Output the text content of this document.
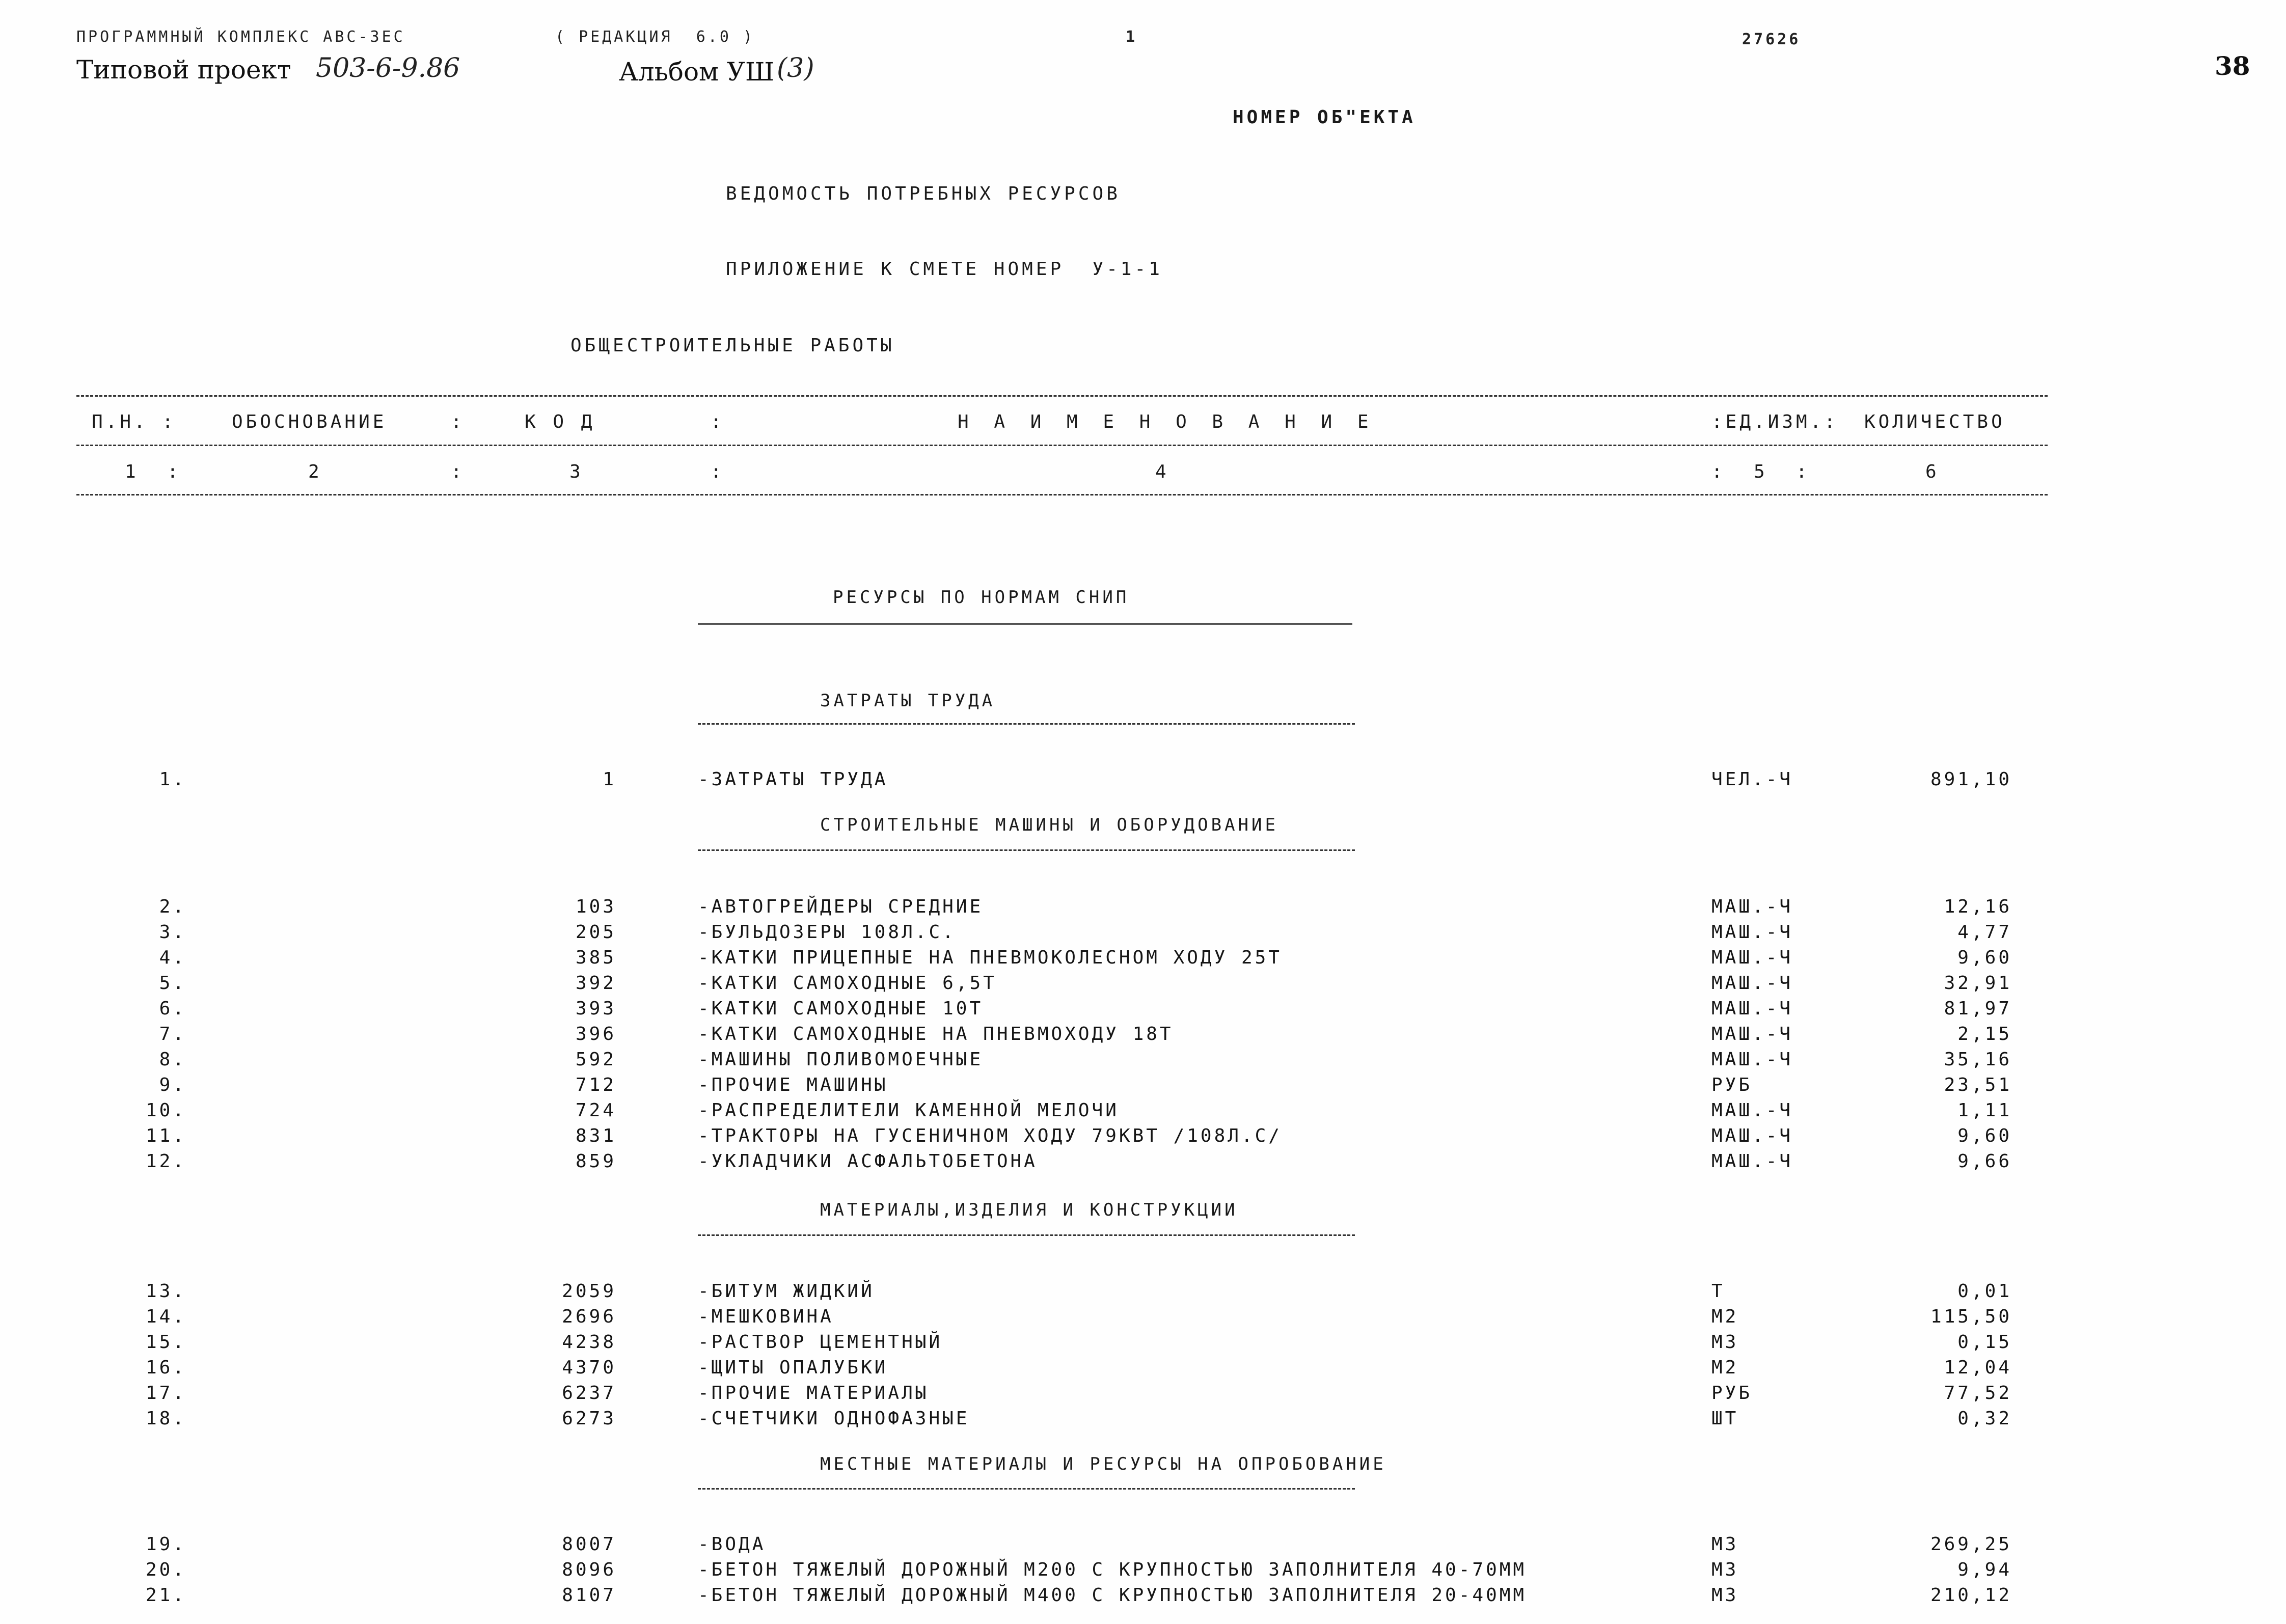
ПРОГРАММНЫЙ КОМПЛЕКС АВС-ЗЕС	( РЕДАКЦИЯ  6.0 )	1	27626
38
Типовой проект 503-6-9.86	Альбом УШ (3)
НОМЕР ОБ"ЕКТА
ВЕДОМОСТЬ ПОТРЕБНЫХ РЕСУРСОВ
ПРИЛОЖЕНИЕ К СМЕТЕ НОМЕР  У-1-1
ОБЩЕСТРОИТЕЛЬНЫЕ РАБОТЫ
П.Н. :	ОБОСНОВАНИЕ	:	К О Д	:	Н А И М Е Н О В А Н И Е	:ЕД.ИЗМ.: КОЛИЧЕСТВО
1  :	2	:	3	:	4	:  5  :	6
РЕСУРСЫ ПО НОРМАМ СНИП
ЗАТРАТЫ ТРУДА
СТРОИТЕЛЬНЫЕ МАШИНЫ И ОБОРУДОВАНИЕ
МАТЕРИАЛЫ,ИЗДЕЛИЯ И КОНСТРУКЦИИ
МЕСТНЫЕ МАТЕРИАЛЫ И РЕСУРСЫ НА ОПРОБОВАНИЕ
1.	1	-ЗАТРАТЫ ТРУДА	ЧЕЛ.-Ч	891,10
2.	103	-АВТОГРЕЙДЕРЫ СРЕДНИЕ	МАШ.-Ч	12,16
3.	205	-БУЛЬДОЗЕРЫ 108Л.С.	МАШ.-Ч	4,77
4.	385	-КАТКИ ПРИЦЕПНЫЕ НА ПНЕВМОКОЛЕСНОМ ХОДУ 25Т	МАШ.-Ч	9,60
5.	392	-КАТКИ САМОХОДНЫЕ 6,5Т	МАШ.-Ч	32,91
6.	393	-КАТКИ САМОХОДНЫЕ 10Т	МАШ.-Ч	81,97
7.	396	-КАТКИ САМОХОДНЫЕ НА ПНЕВМОХОДУ 18Т	МАШ.-Ч	2,15
8.	592	-МАШИНЫ ПОЛИВОМОЕЧНЫЕ	МАШ.-Ч	35,16
9.	712	-ПРОЧИЕ МАШИНЫ	РУБ	23,51
10.	724	-РАСПРЕДЕЛИТЕЛИ КАМЕННОЙ МЕЛОЧИ	МАШ.-Ч	1,11
11.	831	-ТРАКТОРЫ НА ГУСЕНИЧНОМ ХОДУ 79КВТ /108Л.С/	МАШ.-Ч	9,60
12.	859	-УКЛАДЧИКИ АСФАЛЬТОБЕТОНА	МАШ.-Ч	9,66
13.	2059	-БИТУМ ЖИДКИЙ	Т	0,01
14.	2696	-МЕШКОВИНА	М2	115,50
15.	4238	-РАСТВОР ЦЕМЕНТНЫЙ	М3	0,15
16.	4370	-ЩИТЫ ОПАЛУБКИ	М2	12,04
17.	6237	-ПРОЧИЕ МАТЕРИАЛЫ	РУБ	77,52
18.	6273	-СЧЕТЧИКИ ОДНОФАЗНЫЕ	ШТ	0,32
19.	8007	-ВОДА	М3	269,25
20.	8096	-БЕТОН ТЯЖЕЛЫЙ ДОРОЖНЫЙ М200 С КРУПНОСТЬЮ ЗАПОЛНИТЕЛЯ 40-70ММ	М3	9,94
21.	8107	-БЕТОН ТЯЖЕЛЫЙ ДОРОЖНЫЙ М400 С КРУПНОСТЬЮ ЗАПОЛНИТЕЛЯ 20-40ММ	М3	210,12
